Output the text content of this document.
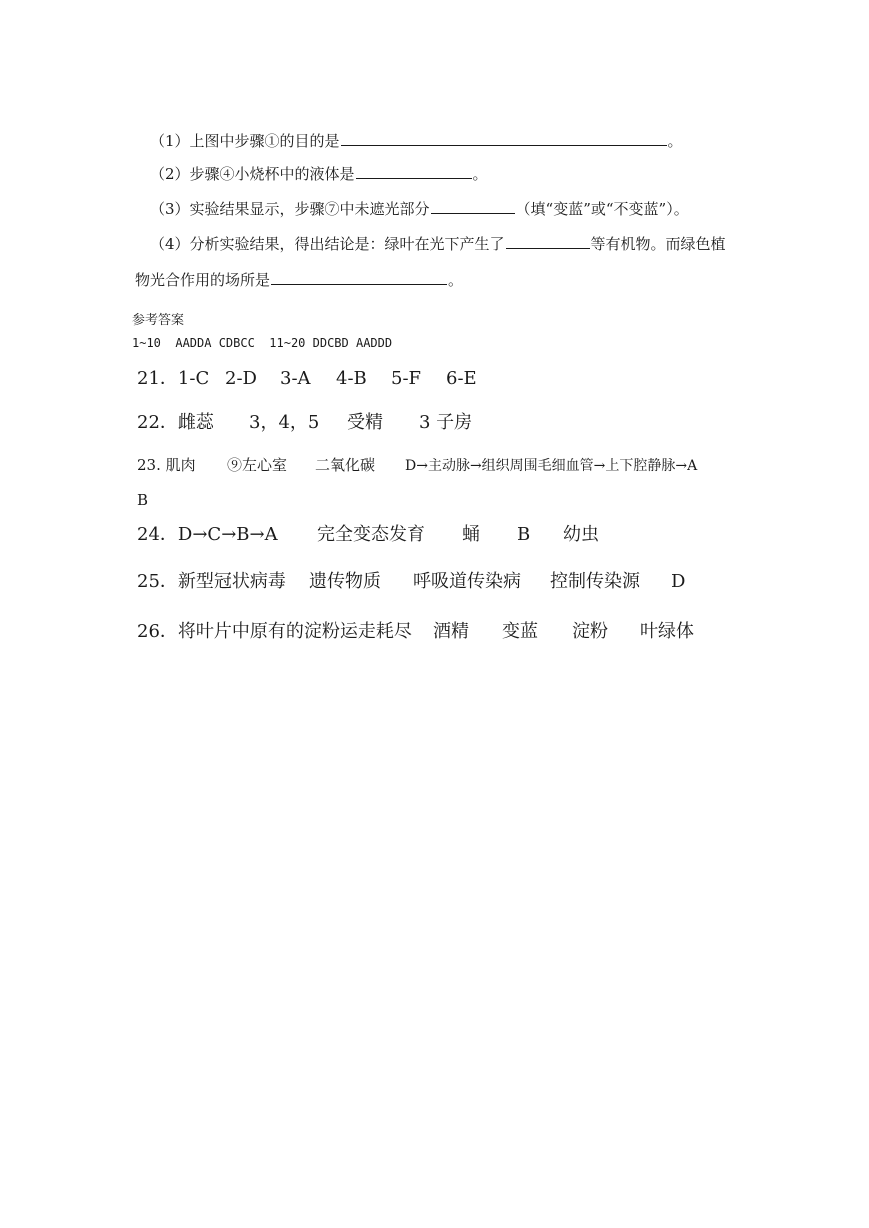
（1）上图中步骤①的目的是	。
（2）步骤④小烧杯中的液体是	。
（3）实验结果显示，步骤⑦中未遮光部分	（填“变蓝”或“不变蓝”）。
（4）分析实验结果，得出结论是：绿叶在光下产生了	等有机物。而绿色植
物光合作用的场所是	。
参考答案
1~10  AADDA CDBCC  11~20 DDCBD AADDD
21．1-C 2-D 3-A 4-B 5-F 6-E
22．雌蕊 3，4，5 受精 3 子房
23. 肌肉 ⑨左心室 二氧化碳 D→主动脉→组织周围毛细血管→上下腔静脉→A
B
24．D→C→B→A 完全变态发育 蛹 B 幼虫
25．新型冠状病毒 遗传物质 呼吸道传染病 控制传染源 D
26．将叶片中原有的淀粉运走耗尽 酒精 变蓝 淀粉 叶绿体
